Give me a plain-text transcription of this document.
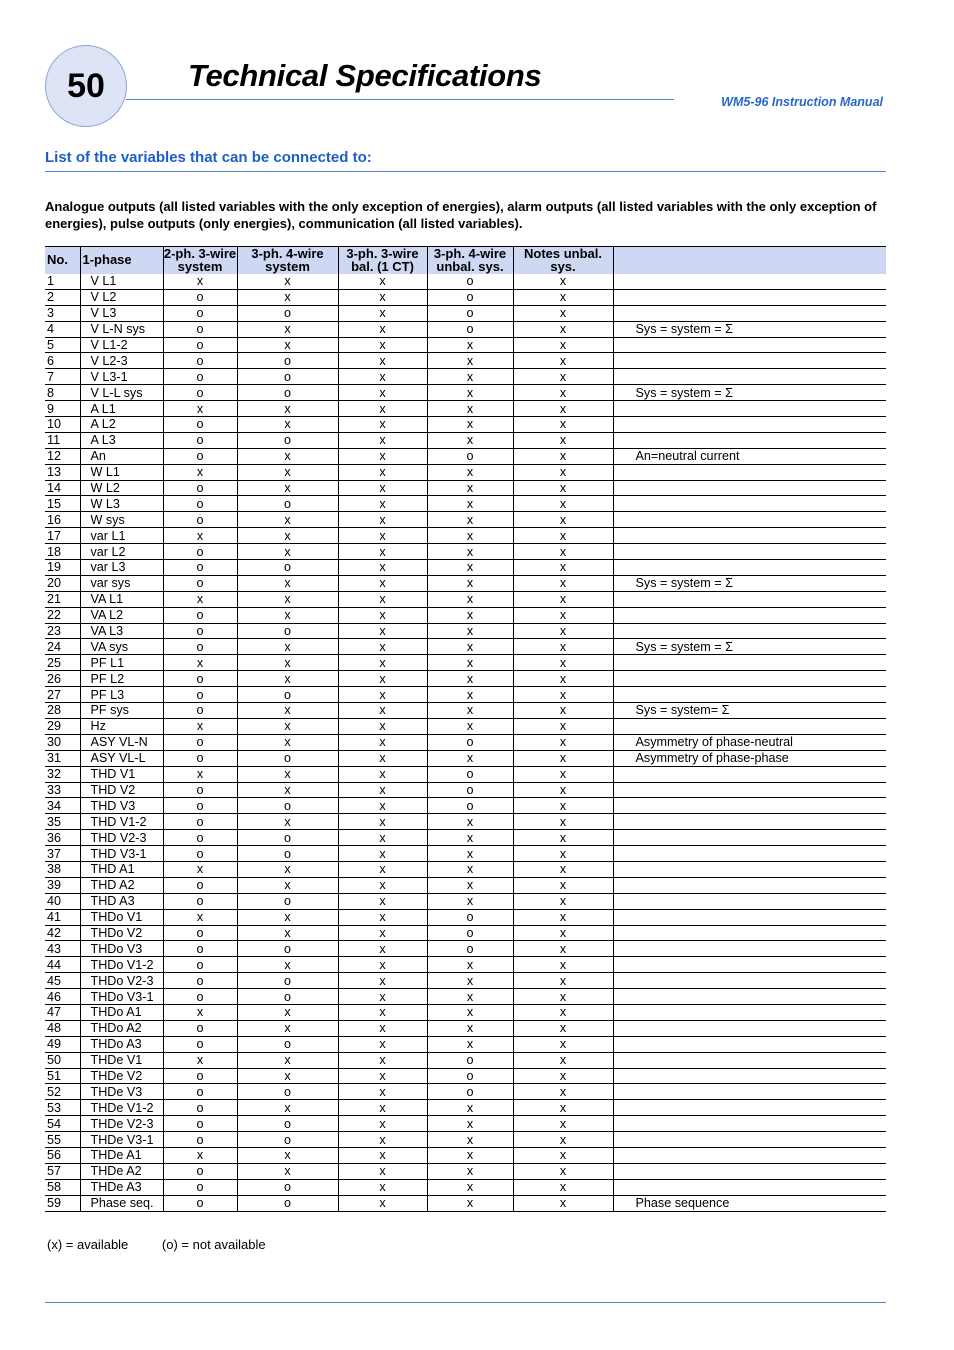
50	Technical Specifications
WM5-96 Instruction Manual
List of the variables that can be connected to:
Analogue outputs (all listed variables with the only exception of energies), alarm outputs (all listed variables with the only exception of energies), pulse outputs (only energies), communication (all listed variables).
No.	1-phase	2-ph. 3-wire system	3-ph. 4-wire system	3-ph. 3-wire bal. (1 CT)	3-ph. 4-wire unbal. sys.	Notes unbal. sys.	
1	V L1	x	x	x	o	x	
2	V L2	o	x	x	o	x	
3	V L3	o	o	x	o	x	
4	V L-N sys	o	x	x	o	x	Sys = system = Σ
5	V L1-2	o	x	x	x	x	
6	V L2-3	o	o	x	x	x	
7	V L3-1	o	o	x	x	x	
8	V L-L sys	o	o	x	x	x	Sys = system = Σ
9	A L1	x	x	x	x	x	
10	A L2	o	x	x	x	x	
11	A L3	o	o	x	x	x	
12	An	o	x	x	o	x	An=neutral current
13	W L1	x	x	x	x	x	
14	W L2	o	x	x	x	x	
15	W L3	o	o	x	x	x	
16	W sys	o	x	x	x	x	
17	var L1	x	x	x	x	x	
18	var L2	o	x	x	x	x	
19	var L3	o	o	x	x	x	
20	var sys	o	x	x	x	x	Sys = system = Σ
21	VA L1	x	x	x	x	x	
22	VA L2	o	x	x	x	x	
23	VA L3	o	o	x	x	x	
24	VA sys	o	x	x	x	x	Sys = system = Σ
25	PF L1	x	x	x	x	x	
26	PF L2	o	x	x	x	x	
27	PF L3	o	o	x	x	x	
28	PF sys	o	x	x	x	x	Sys = system= Σ
29	Hz	x	x	x	x	x	
30	ASY VL-N	o	x	x	o	x	Asymmetry of phase-neutral
31	ASY VL-L	o	o	x	x	x	Asymmetry of phase-phase
32	THD V1	x	x	x	o	x	
33	THD V2	o	x	x	o	x	
34	THD V3	o	o	x	o	x	
35	THD V1-2	o	x	x	x	x	
36	THD V2-3	o	o	x	x	x	
37	THD V3-1	o	o	x	x	x	
38	THD A1	x	x	x	x	x	
39	THD A2	o	x	x	x	x	
40	THD A3	o	o	x	x	x	
41	THDo V1	x	x	x	o	x	
42	THDo V2	o	x	x	o	x	
43	THDo V3	o	o	x	o	x	
44	THDo V1-2	o	x	x	x	x	
45	THDo V2-3	o	o	x	x	x	
46	THDo V3-1	o	o	x	x	x	
47	THDo A1	x	x	x	x	x	
48	THDo A2	o	x	x	x	x	
49	THDo A3	o	o	x	x	x	
50	THDe V1	x	x	x	o	x	
51	THDe V2	o	x	x	o	x	
52	THDe V3	o	o	x	o	x	
53	THDe V1-2	o	x	x	x	x	
54	THDe V2-3	o	o	x	x	x	
55	THDe V3-1	o	o	x	x	x	
56	THDe A1	x	x	x	x	x	
57	THDe A2	o	x	x	x	x	
58	THDe A3	o	o	x	x	x	
59	Phase seq.	o	o	x	x	x	Phase sequence
(x) = available	(o) = not available
